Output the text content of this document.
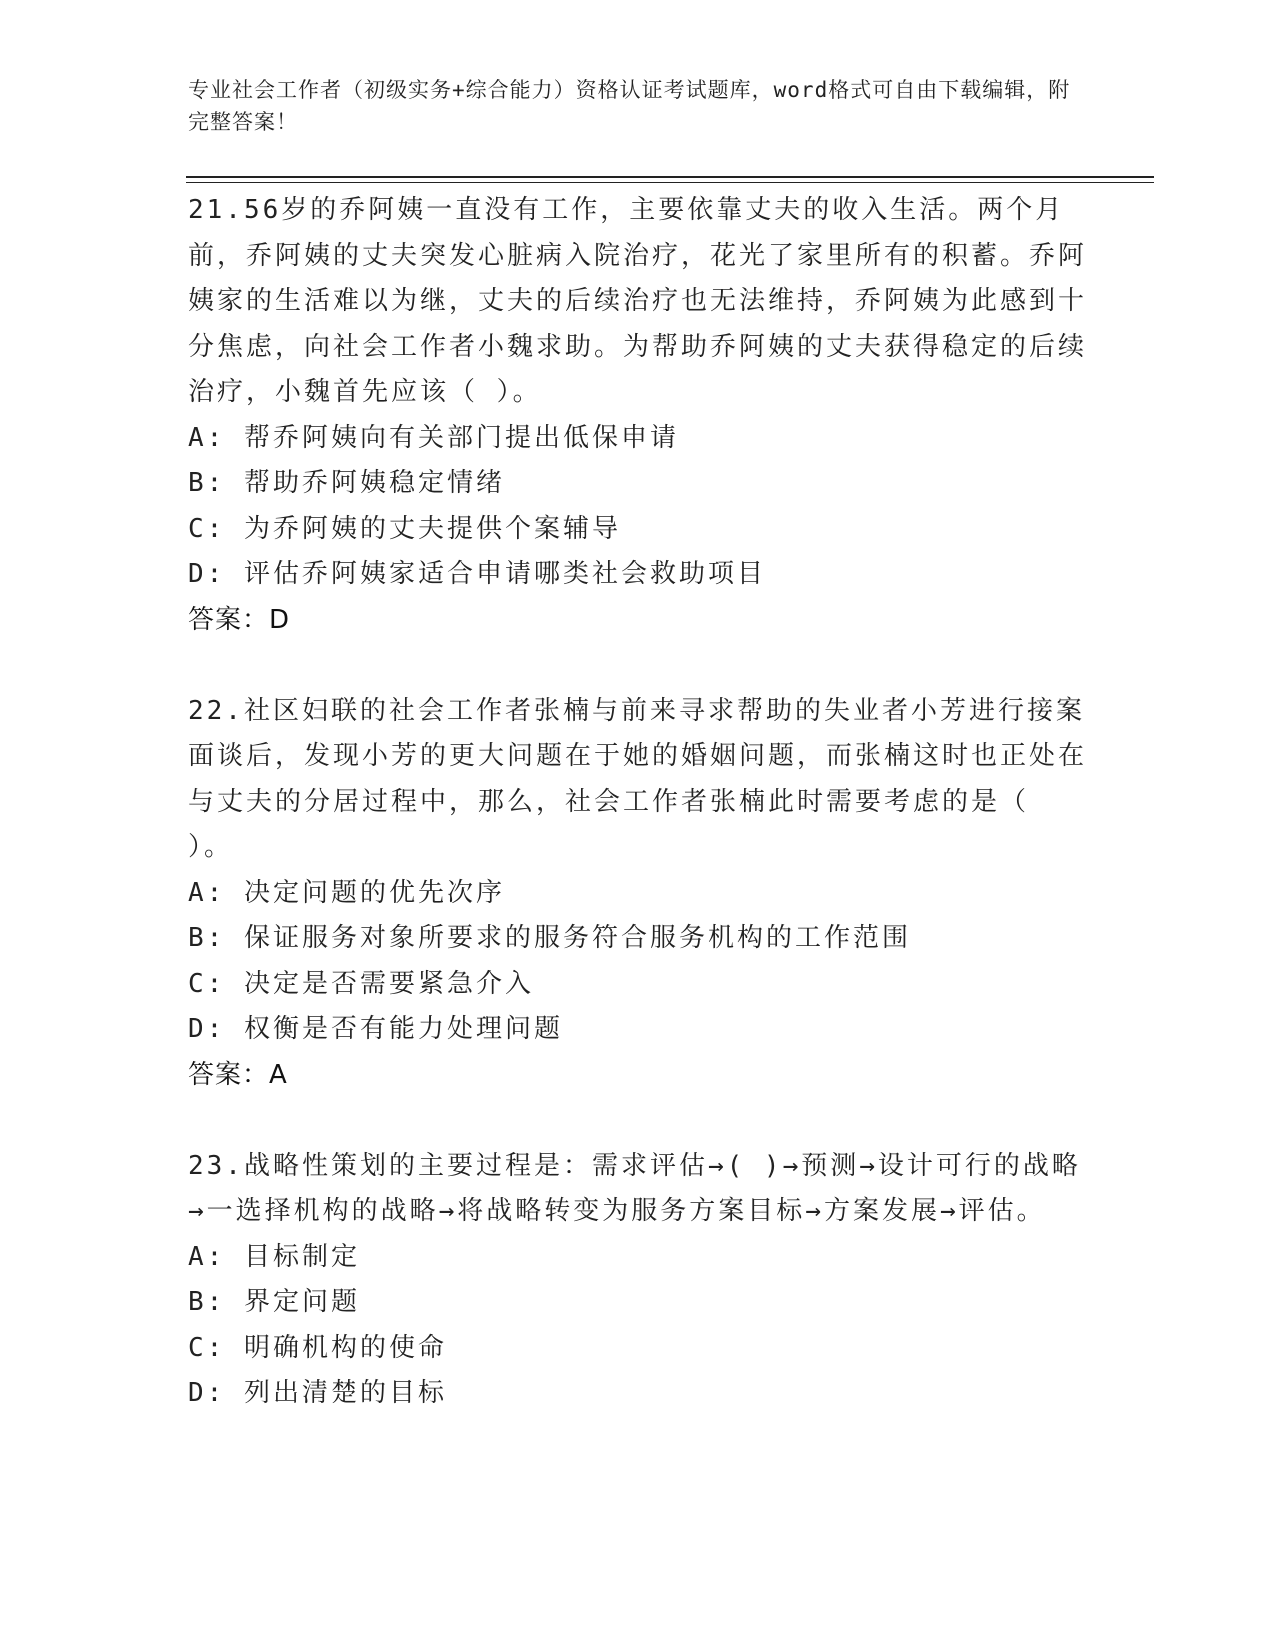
专业社会工作者（初级实务+综合能力）资格认证考试题库，word格式可自由下载编辑，附完整答案！

21.56岁的乔阿姨一直没有工作，主要依靠丈夫的收入生活。两个月前，乔阿姨的丈夫突发心脏病入院治疗，花光了家里所有的积蓄。乔阿姨家的生活难以为继，丈夫的后续治疗也无法维持，乔阿姨为此感到十分焦虑，向社会工作者小魏求助。为帮助乔阿姨的丈夫获得稳定的后续治疗，小魏首先应该（ ）。

A: 帮乔阿姨向有关部门提出低保申请

B: 帮助乔阿姨稳定情绪

C: 为乔阿姨的丈夫提供个案辅导

D: 评估乔阿姨家适合申请哪类社会救助项目

答案：D

22.社区妇联的社会工作者张楠与前来寻求帮助的失业者小芳进行接案面谈后，发现小芳的更大问题在于她的婚姻问题，而张楠这时也正处在与丈夫的分居过程中，那么，社会工作者张楠此时需要考虑的是（ ）。

A: 决定问题的优先次序

B: 保证服务对象所要求的服务符合服务机构的工作范围

C: 决定是否需要紧急介入

D: 权衡是否有能力处理问题

答案：A

23.战略性策划的主要过程是：需求评估→( )→预测→设计可行的战略→一选择机构的战略→将战略转变为服务方案目标→方案发展→评估。

A: 目标制定

B: 界定问题

C: 明确机构的使命

D: 列出清楚的目标
